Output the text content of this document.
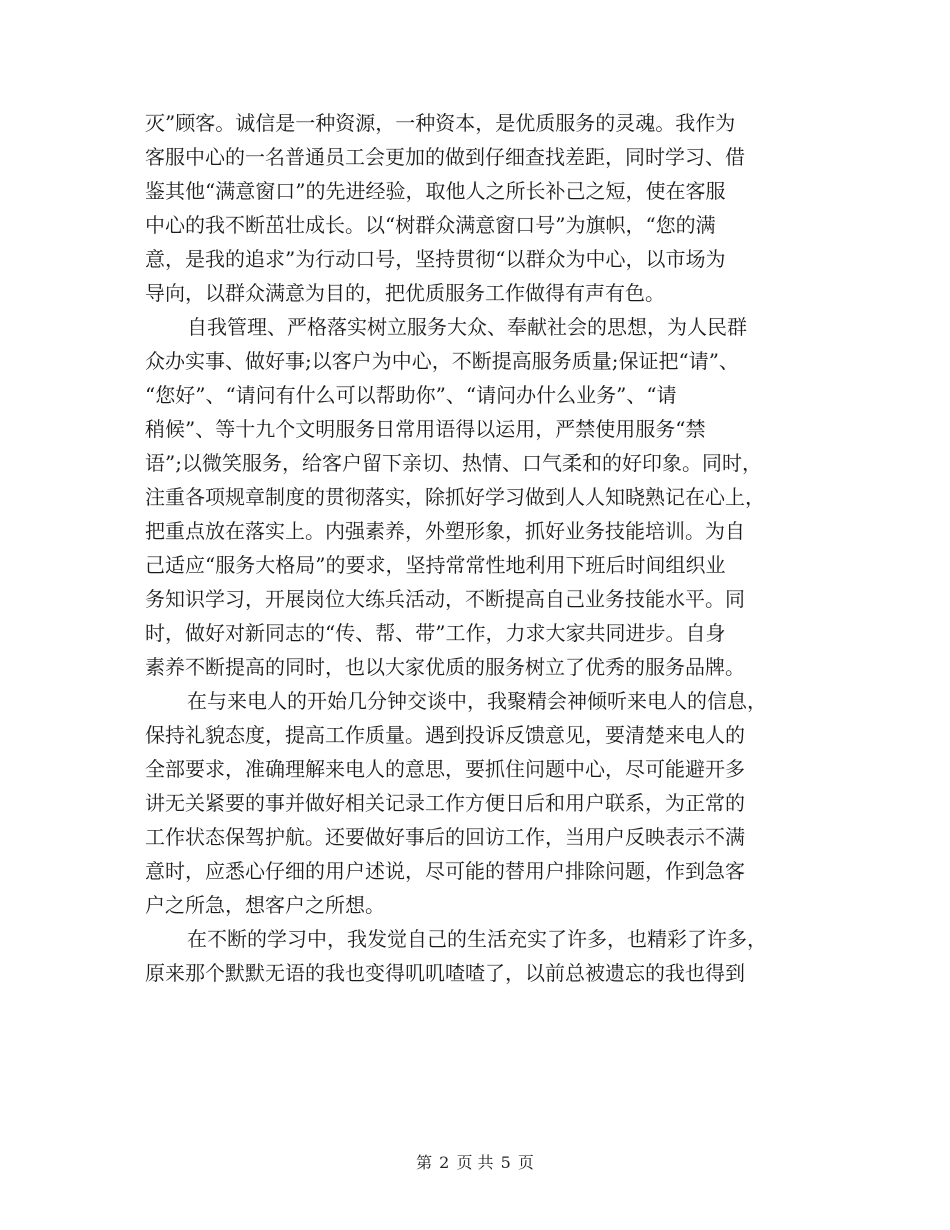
灭”顾客。诚信是一种资源，一种资本，是优质服务的灵魂。我作为
客服中心的一名普通员工会更加的做到仔细查找差距，同时学习、借
鉴其他“满意窗口”的先进经验，取他人之所长补己之短，使在客服
中心的我不断茁壮成长。以“树群众满意窗口号”为旗帜，“您的满
意，是我的追求”为行动口号，坚持贯彻“以群众为中心，以市场为
导向，以群众满意为目的，把优质服务工作做得有声有色。
自我管理、严格落实树立服务大众、奉献社会的思想，为人民群
众办实事、做好事;以客户为中心，不断提高服务质量;保证把“请”、
“您好”、“请问有什么可以帮助你”、“请问办什么业务”、“请
稍候”、等十九个文明服务日常用语得以运用，严禁使用服务“禁
语”;以微笑服务，给客户留下亲切、热情、口气柔和的好印象。同时，
注重各项规章制度的贯彻落实，除抓好学习做到人人知晓熟记在心上，
把重点放在落实上。内强素养，外塑形象，抓好业务技能培训。为自
己适应“服务大格局”的要求，坚持常常性地利用下班后时间组织业
务知识学习，开展岗位大练兵活动，不断提高自己业务技能水平。同
时，做好对新同志的“传、帮、带”工作，力求大家共同进步。自身
素养不断提高的同时，也以大家优质的服务树立了优秀的服务品牌。
在与来电人的开始几分钟交谈中，我聚精会神倾听来电人的信息，
保持礼貌态度，提高工作质量。遇到投诉反馈意见，要清楚来电人的
全部要求，准确理解来电人的意思，要抓住问题中心，尽可能避开多
讲无关紧要的事并做好相关记录工作方便日后和用户联系，为正常的
工作状态保驾护航。还要做好事后的回访工作，当用户反映表示不满
意时，应悉心仔细的用户述说，尽可能的替用户排除问题，作到急客
户之所急，想客户之所想。
在不断的学习中，我发觉自己的生活充实了许多，也精彩了许多，
原来那个默默无语的我也变得叽叽喳喳了，以前总被遗忘的我也得到
第 2 页 共 5 页
